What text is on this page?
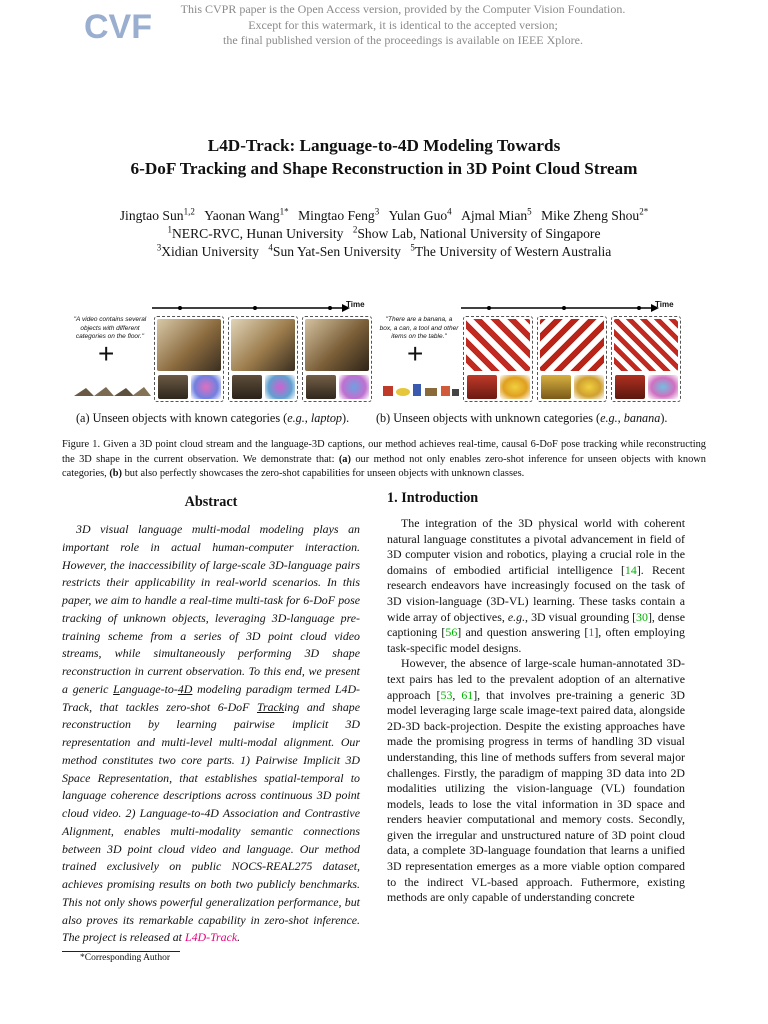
CVF	This CVPR paper is the Open Access version, provided by the Computer Vision Foundation.
Except for this watermark, it is identical to the accepted version;
the final published version of the proceedings is available on IEEE Xplore.
L4D-Track: Language-to-4D Modeling Towards
6-DoF Tracking and Shape Reconstruction in 3D Point Cloud Stream
Jingtao Sun$^{1,2}$ Yaonan Wang$^{1*}$ Mingtao Feng$^3$ Yulan Guo$^4$ Ajmal Mian$^5$ Mike Zheng Shou$^{2*}$
$^1$NERC-RVC, Hunan University $^2$Show Lab, National University of Singapore
$^3$Xidian University $^4$Sun Yat-Sen University $^5$The University of Western Australia
Time
"A video contains several objects with different categories on the floor."
+
Time
"There are a banana, a box, a can, a tool and other items on the table."
+
(a) Unseen objects with known categories (e.g., laptop). (b) Unseen objects with unknown categories (e.g., banana).
Figure 1. Given a 3D point cloud stream and the language-3D captions, our method achieves real-time, causal 6-DoF pose tracking while reconstructing the 3D shape in the current observation. We demonstrate that: (a) our method not only enables zero-shot inference for unseen objects with known categories, (b) but also perfectly showcases the zero-shot capabilities for unseen objects with unknown classes.
Abstract

3D visual language multi-modal modeling plays an important role in actual human-computer interaction. However, the inaccessibility of large-scale 3D-language pairs restricts their applicability in real-world scenarios. In this paper, we aim to handle a real-time multi-task for 6-DoF pose tracking of unknown objects, leveraging 3D-language pre-training scheme from a series of 3D point cloud video streams, while simultaneously performing 3D shape reconstruction in current observation. To this end, we present a generic Language-to-4D modeling paradigm termed L4D-Track, that tackles zero-shot 6-DoF Tracking and shape reconstruction by learning pairwise implicit 3D representation and multi-level multi-modal alignment. Our method constitutes two core parts. 1) Pairwise Implicit 3D Space Representation, that establishes spatial-temporal to language coherence descriptions across continuous 3D point cloud video. 2) Language-to-4D Association and Contrastive Alignment, enables multi-modality semantic connections between 3D point cloud video and language. Our method trained exclusively on public NOCS-REAL275 dataset, achieves promising results on both two publicly benchmarks. This not only shows powerful generalization performance, but also proves its remarkable capability in zero-shot inference. The project is released at L4D-Track.

*Corresponding Author
1. Introduction

The integration of the 3D physical world with coherent natural language constitutes a pivotal advancement in field of 3D computer vision and robotics, playing a crucial role in the domains of embodied artificial intelligence [14]. Recent research endeavors have increasingly focused on the task of 3D vision-language (3D-VL) learning. These tasks contain a wide array of objectives, e.g., 3D visual grounding [30], dense captioning [56] and question answering [1], often employing task-specific model designs.

However, the absence of large-scale human-annotated 3D-text pairs has led to the prevalent adoption of an alternative approach [53, 61], that involves pre-training a generic 3D model leveraging large scale image-text paired data, alongside 2D-3D back-projection. Despite the existing approaches have made the promising progress in terms of handling 3D visual understanding, this line of methods suffers from several major challenges. Firstly, the paradigm of mapping 3D data into 2D modalities utilizing the vision-language (VL) foundation models, leads to lose the vital information in 3D space and renders heavier computational and memory costs. Secondly, given the irregular and unstructured nature of 3D point cloud data, a complete 3D-language foundation that learns a unified 3D representation emerges as a more viable option compared to the indirect VL-based approach. Futhermore, existing methods are only capable of understanding concrete
